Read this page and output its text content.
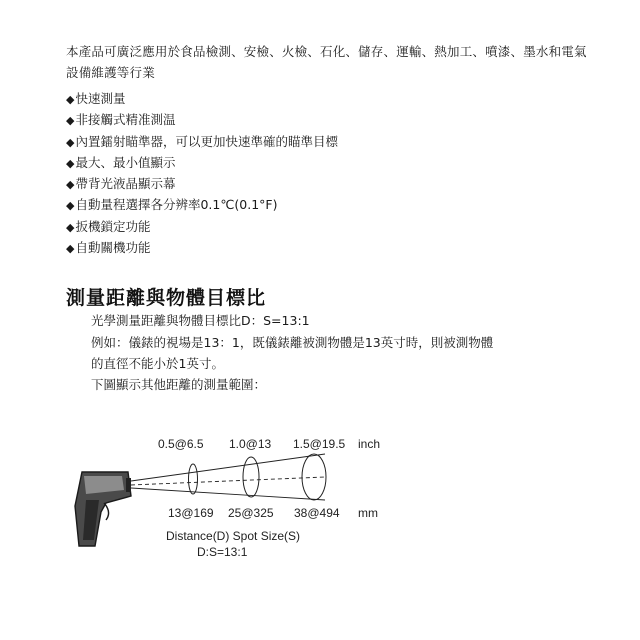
本產品可廣泛應用於食品檢測、安檢、火檢、石化、儲存、運輸、熱加工、噴漆、墨水和電氣設備維護等行業
◆快速測量
◆非接觸式精准測温
◆內置鐳射瞄準器，可以更加快速準確的瞄準目標
◆最大、最小值顯示
◆帶背光液晶顯示幕
◆自動量程選擇各分辨率0.1℃(0.1°F)
◆扳機鎖定功能
◆自動關機功能
測量距離與物體目標比
光學測量距離與物體目標比D：S=13:1
例如：儀錶的視場是13：1，既儀錶離被測物體是13英寸時，則被測物體
的直徑不能小於1英寸。
下圖顯示其他距離的測量範圍：
0.5@6.5 1.0@13 1.5@19.5 inch
13@169 25@325 38@494 mm
Distance(D) Spot Size(S)
D:S=13:1
